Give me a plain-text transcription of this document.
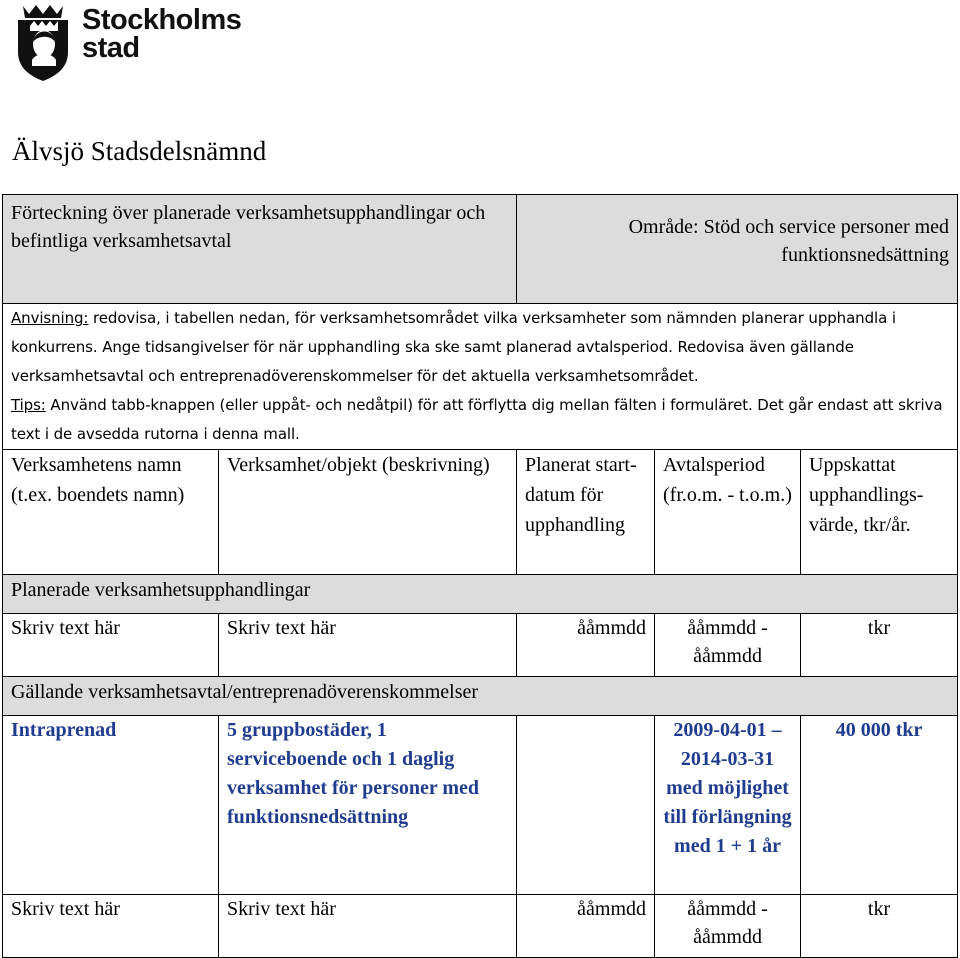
Stockholms
stad
Älvsjö Stadsdelsnämnd
Förteckning över planerade verksamhetsupphandlingar och befintliga verksamhetsavtal		Område: Stöd och service personer med funktionsnedsättning		
Anvisning: redovisa, i tabellen nedan, för verksamhetsområdet vilka verksamheter som nämnden planerar upphandla i konkurrens. Ange tidsangivelser för när upphandling ska ske samt planerad avtalsperiod. Redovisa även gällande verksamhetsavtal och entreprenadöverenskommelser för det aktuella verksamhetsområdet.
Tips: Använd tabb-knappen (eller uppåt- och nedåtpil) för att förflytta dig mellan fälten i formuläret. Det går endast att skriva text i de avsedda rutorna i denna mall.				
Verksamhetens namn (t.ex. boendets namn)	Verksamhet/objekt (beskrivning)	Planerat start-datum för upphandling	Avtalsperiod (fr.o.m. - t.o.m.)	Uppskattat upphandlings-värde, tkr/år.
Planerade verksamhetsupphandlingar				
Skriv text här	Skriv text här	ååmmdd	ååmmdd - ååmmdd	tkr
Gällande verksamhetsavtal/entreprenadöverenskommelser				
Intraprenad	5 gruppbostäder, 1 serviceboende och 1 daglig verksamhet för personer med funktionsnedsättning		2009-04-01 – 2014-03-31 med möjlighet till förlängning med 1 + 1 år	40 000 tkr
Skriv text här	Skriv text här	ååmmdd	ååmmdd - ååmmdd	tkr
